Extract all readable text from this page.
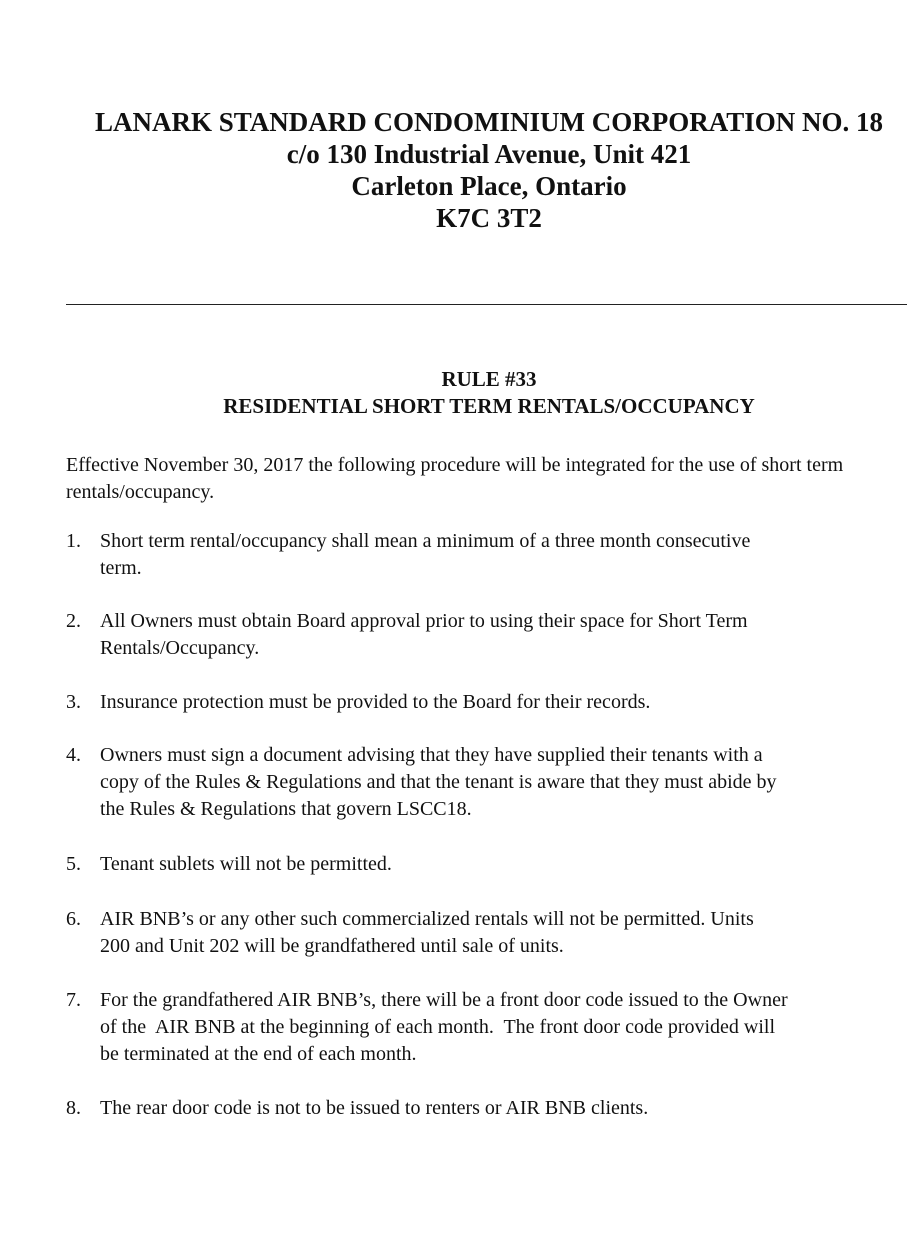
LANARK STANDARD CONDOMINIUM CORPORATION NO. 18
c/o 130 Industrial Avenue, Unit 421
Carleton Place, Ontario
K7C 3T2
RULE #33
RESIDENTIAL SHORT TERM RENTALS/OCCUPANCY
Effective November 30, 2017 the following procedure will be integrated for the use of short term rentals/occupancy.
1. Short term rental/occupancy shall mean a minimum of a three month consecutive
term.
2. All Owners must obtain Board approval prior to using their space for Short Term
Rentals/Occupancy.
3. Insurance protection must be provided to the Board for their records.
4. Owners must sign a document advising that they have supplied their tenants with a
copy of the Rules & Regulations and that the tenant is aware that they must abide by
the Rules & Regulations that govern LSCC18.
5. Tenant sublets will not be permitted.
6. AIR BNB’s or any other such commercialized rentals will not be permitted. Units
200 and Unit 202 will be grandfathered until sale of units.
7. For the grandfathered AIR BNB’s, there will be a front door code issued to the Owner
of the  AIR BNB at the beginning of each month.  The front door code provided will
be terminated at the end of each month.
8. The rear door code is not to be issued to renters or AIR BNB clients.
